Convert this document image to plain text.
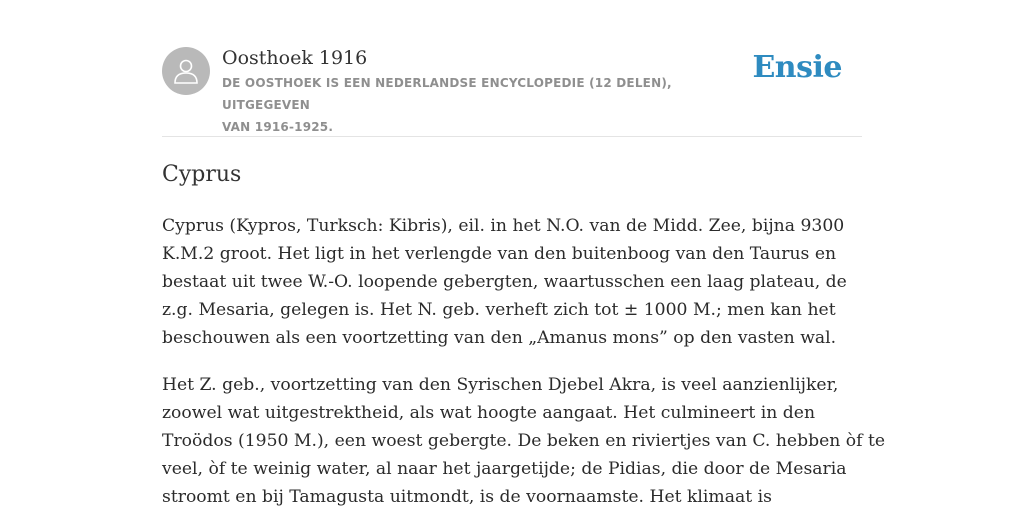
Oosthoek 1916

DE OOSTHOEK IS EEN NEDERLANDSE ENCYCLOPEDIE (12 DELEN), UITGEGEVEN
VAN 1916-1925.

Ensie
Cyprus

Cyprus (Kypros, Turksch: Kibris), eil. in het N.O. van de Midd. Zee, bijna 9300
K.M.2 groot. Het ligt in het verlengde van den buitenboog van den Taurus en
bestaat uit twee W.-O. loopende gebergten, waartusschen een laag plateau, de
z.g. Mesaria, gelegen is. Het N. geb. verheft zich tot ± 1000 M.; men kan het
beschouwen als een voortzetting van den „Amanus mons” op den vasten wal.

Het Z. geb., voortzetting van den Syrischen Djebel Akra, is veel aanzienlijker,
zoowel wat uitgestrektheid, als wat hoogte aangaat. Het culmineert in den
Troödos (1950 M.), een woest gebergte. De beken en riviertjes van C. hebben òf te
veel, òf te weinig water, al naar het jaargetijde; de Pidias, die door de Mesaria
stroomt en bij Tamagusta uitmondt, is de voornaamste. Het klimaat is
